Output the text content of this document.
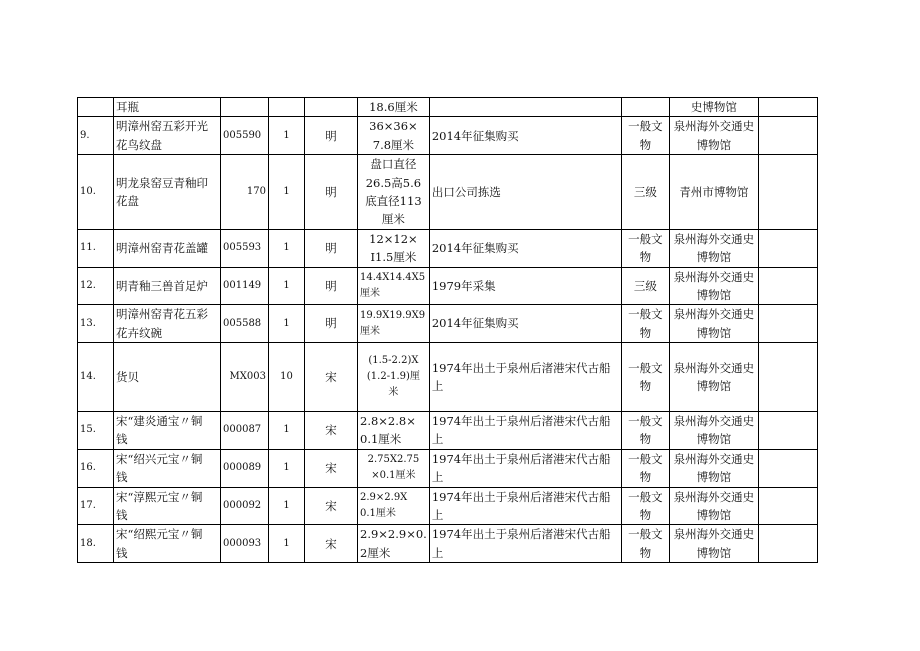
	耳瓶				18.6厘米			史博物馆	
9.	明漳州窑五彩开光
花鸟纹盘	005590	1	明	36×36×
7.8厘米	2014年征集购买	一般文
物	泉州海外交通史
博物馆	
10.	明龙泉窑豆青釉印
花盘	170	1	明	盘口直径
26.5高5.6
底直径113
厘米	出口公司拣选	三级	青州市博物馆	
11.	明漳州窑青花盖罐	005593	1	明	12×12×
I1.5厘米	2014年征集购买	一般文
物	泉州海外交通史
博物馆	
12.	明青釉三兽首足炉	001149	1	明	14.4X14.4X5
厘米	1979年采集	三级	泉州海外交通史
博物馆	
13.	明漳州窑青花五彩
花卉纹碗	005588	1	明	19.9X19.9X9
厘米	2014年征集购买	一般文
物	泉州海外交通史
博物馆	
14.	货贝	MX003	10	宋	(1.5-2.2)X
(1.2-1.9)厘
米	1974年出土于泉州后渚港宋代古船
上	一般文
物	泉州海外交通史
博物馆	
15.	宋“建炎通宝〃铜
钱	000087	1	宋	2.8×2.8×
0.1厘米	1974年出土于泉州后渚港宋代古船
上	一般文
物	泉州海外交通史
博物馆	
16.	宋“绍兴元宝〃铜
钱	000089	1	宋	2.75X2.75
×0.1厘米	1974年出土于泉州后渚港宋代古船
上	一般文
物	泉州海外交通史
博物馆	
17.	宋“淳熙元宝〃铜
钱	000092	1	宋	2.9×2.9X
0.1厘米	1974年出土于泉州后渚港宋代古船
上	一般文
物	泉州海外交通史
博物馆	
18.	宋“绍熙元宝〃铜
钱	000093	1	宋	2.9×2.9×0.
2厘米	1974年出土于泉州后渚港宋代古船
上	一般文
物	泉州海外交通史
博物馆	
